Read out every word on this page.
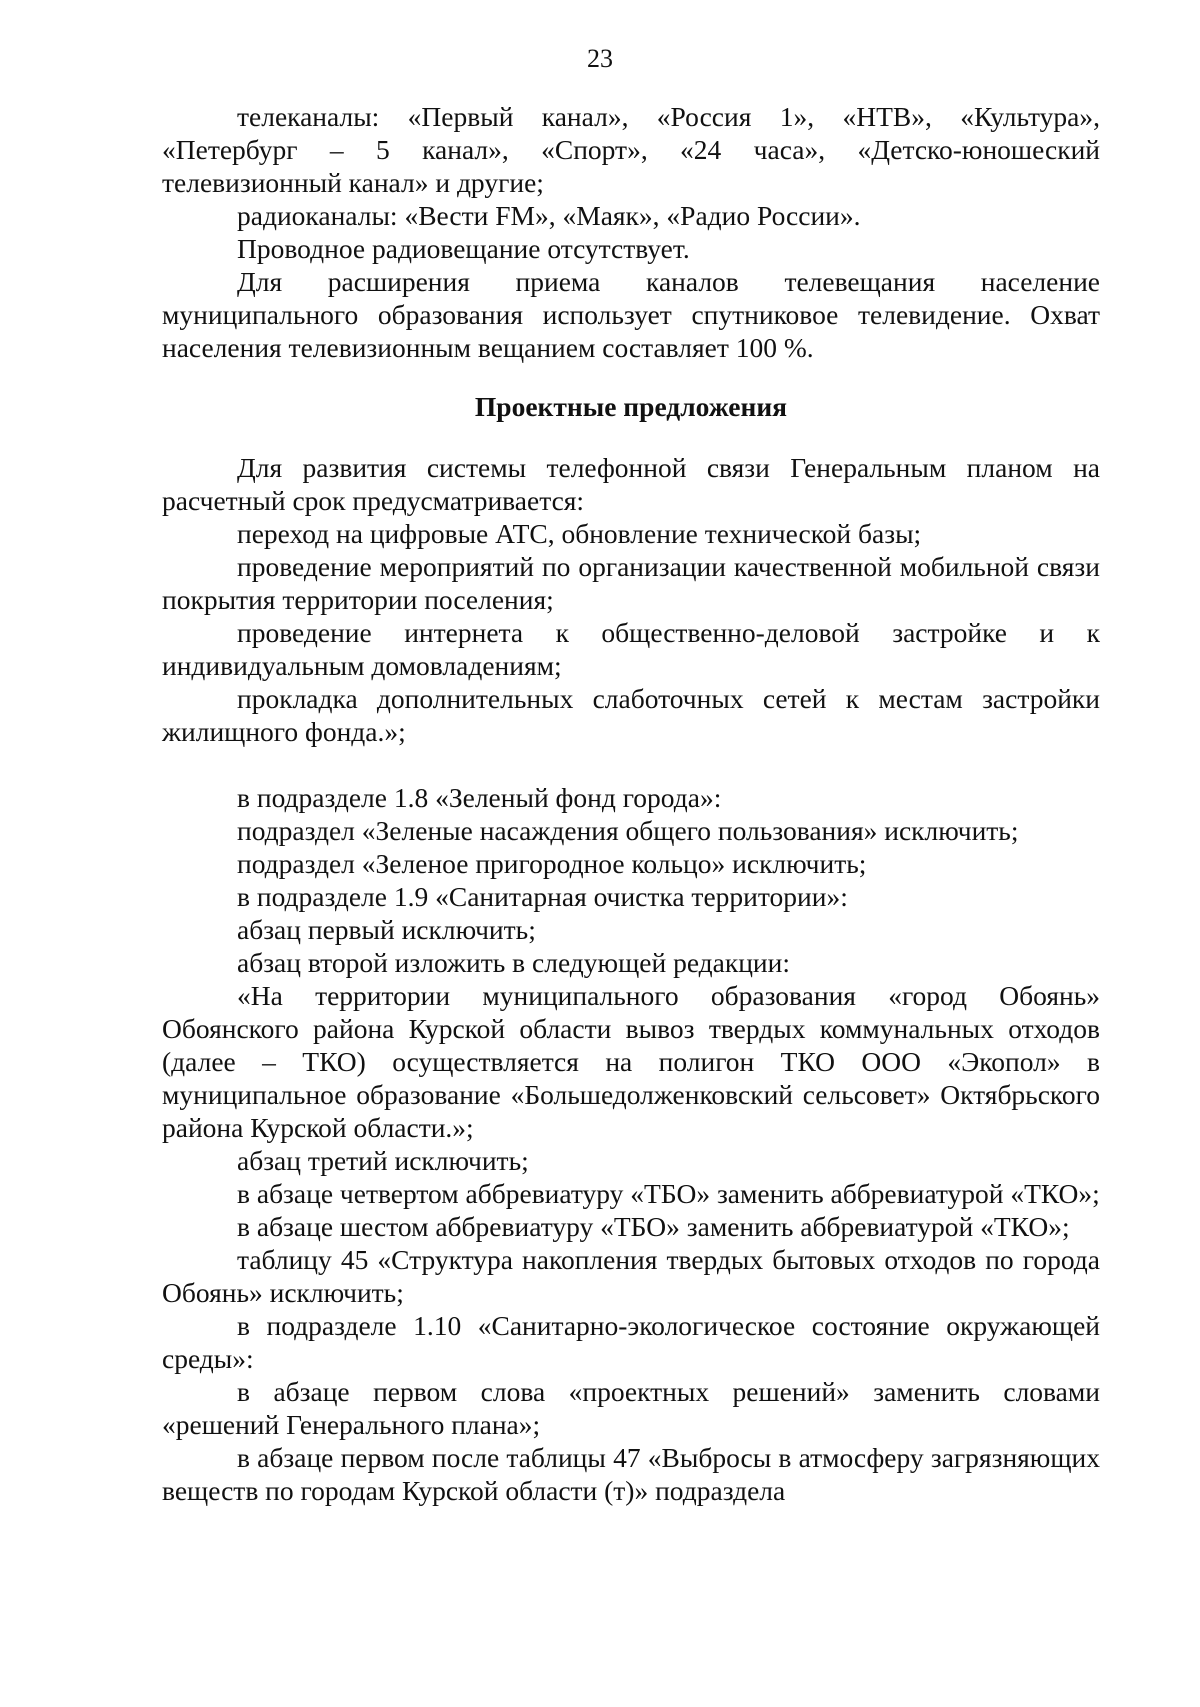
23

телеканалы: «Первый канал», «Россия 1», «НТВ», «Культура», «Петербург – 5 канал», «Спорт», «24 часа», «Детско-юношеский телевизионный канал» и другие;

радиоканалы: «Вести FM», «Маяк», «Радио России».

Проводное радиовещание отсутствует.

Для расширения приема каналов телевещания население муниципального образования использует спутниковое телевидение. Охват населения телевизионным вещанием составляет 100 %.

Проектные предложения

Для развития системы телефонной связи Генеральным планом на расчетный срок предусматривается:

переход на цифровые АТС, обновление технической базы;

проведение мероприятий по организации качественной мобильной связи покрытия территории поселения;

проведение интернета к общественно-деловой застройке и к индивидуальным домовладениям;

прокладка дополнительных слаботочных сетей к местам застройки жилищного фонда.»;

в подразделе 1.8 «Зеленый фонд города»:

подраздел «Зеленые насаждения общего пользования» исключить;

подраздел «Зеленое пригородное кольцо» исключить;

в подразделе 1.9 «Санитарная очистка территории»:

абзац первый исключить;

абзац второй изложить в следующей редакции:

«На территории муниципального образования «город Обоянь» Обоянского района Курской области вывоз твердых коммунальных отходов (далее – ТКО) осуществляется на полигон ТКО ООО «Экопол» в муниципальное образование «Большедолженковский сельсовет» Октябрьского района Курской области.»;

абзац третий исключить;

в абзаце четвертом аббревиатуру «ТБО» заменить аббревиатурой «ТКО»;

в абзаце шестом аббревиатуру «ТБО» заменить аббревиатурой «ТКО»;

таблицу 45 «Структура накопления твердых бытовых отходов по города Обоянь» исключить;

в подразделе 1.10 «Санитарно-экологическое состояние окружающей среды»:

в абзаце первом слова «проектных решений» заменить словами «решений Генерального плана»;

в абзаце первом после таблицы 47 «Выбросы в атмосферу загрязняющих веществ по городам Курской области (т)» подраздела
